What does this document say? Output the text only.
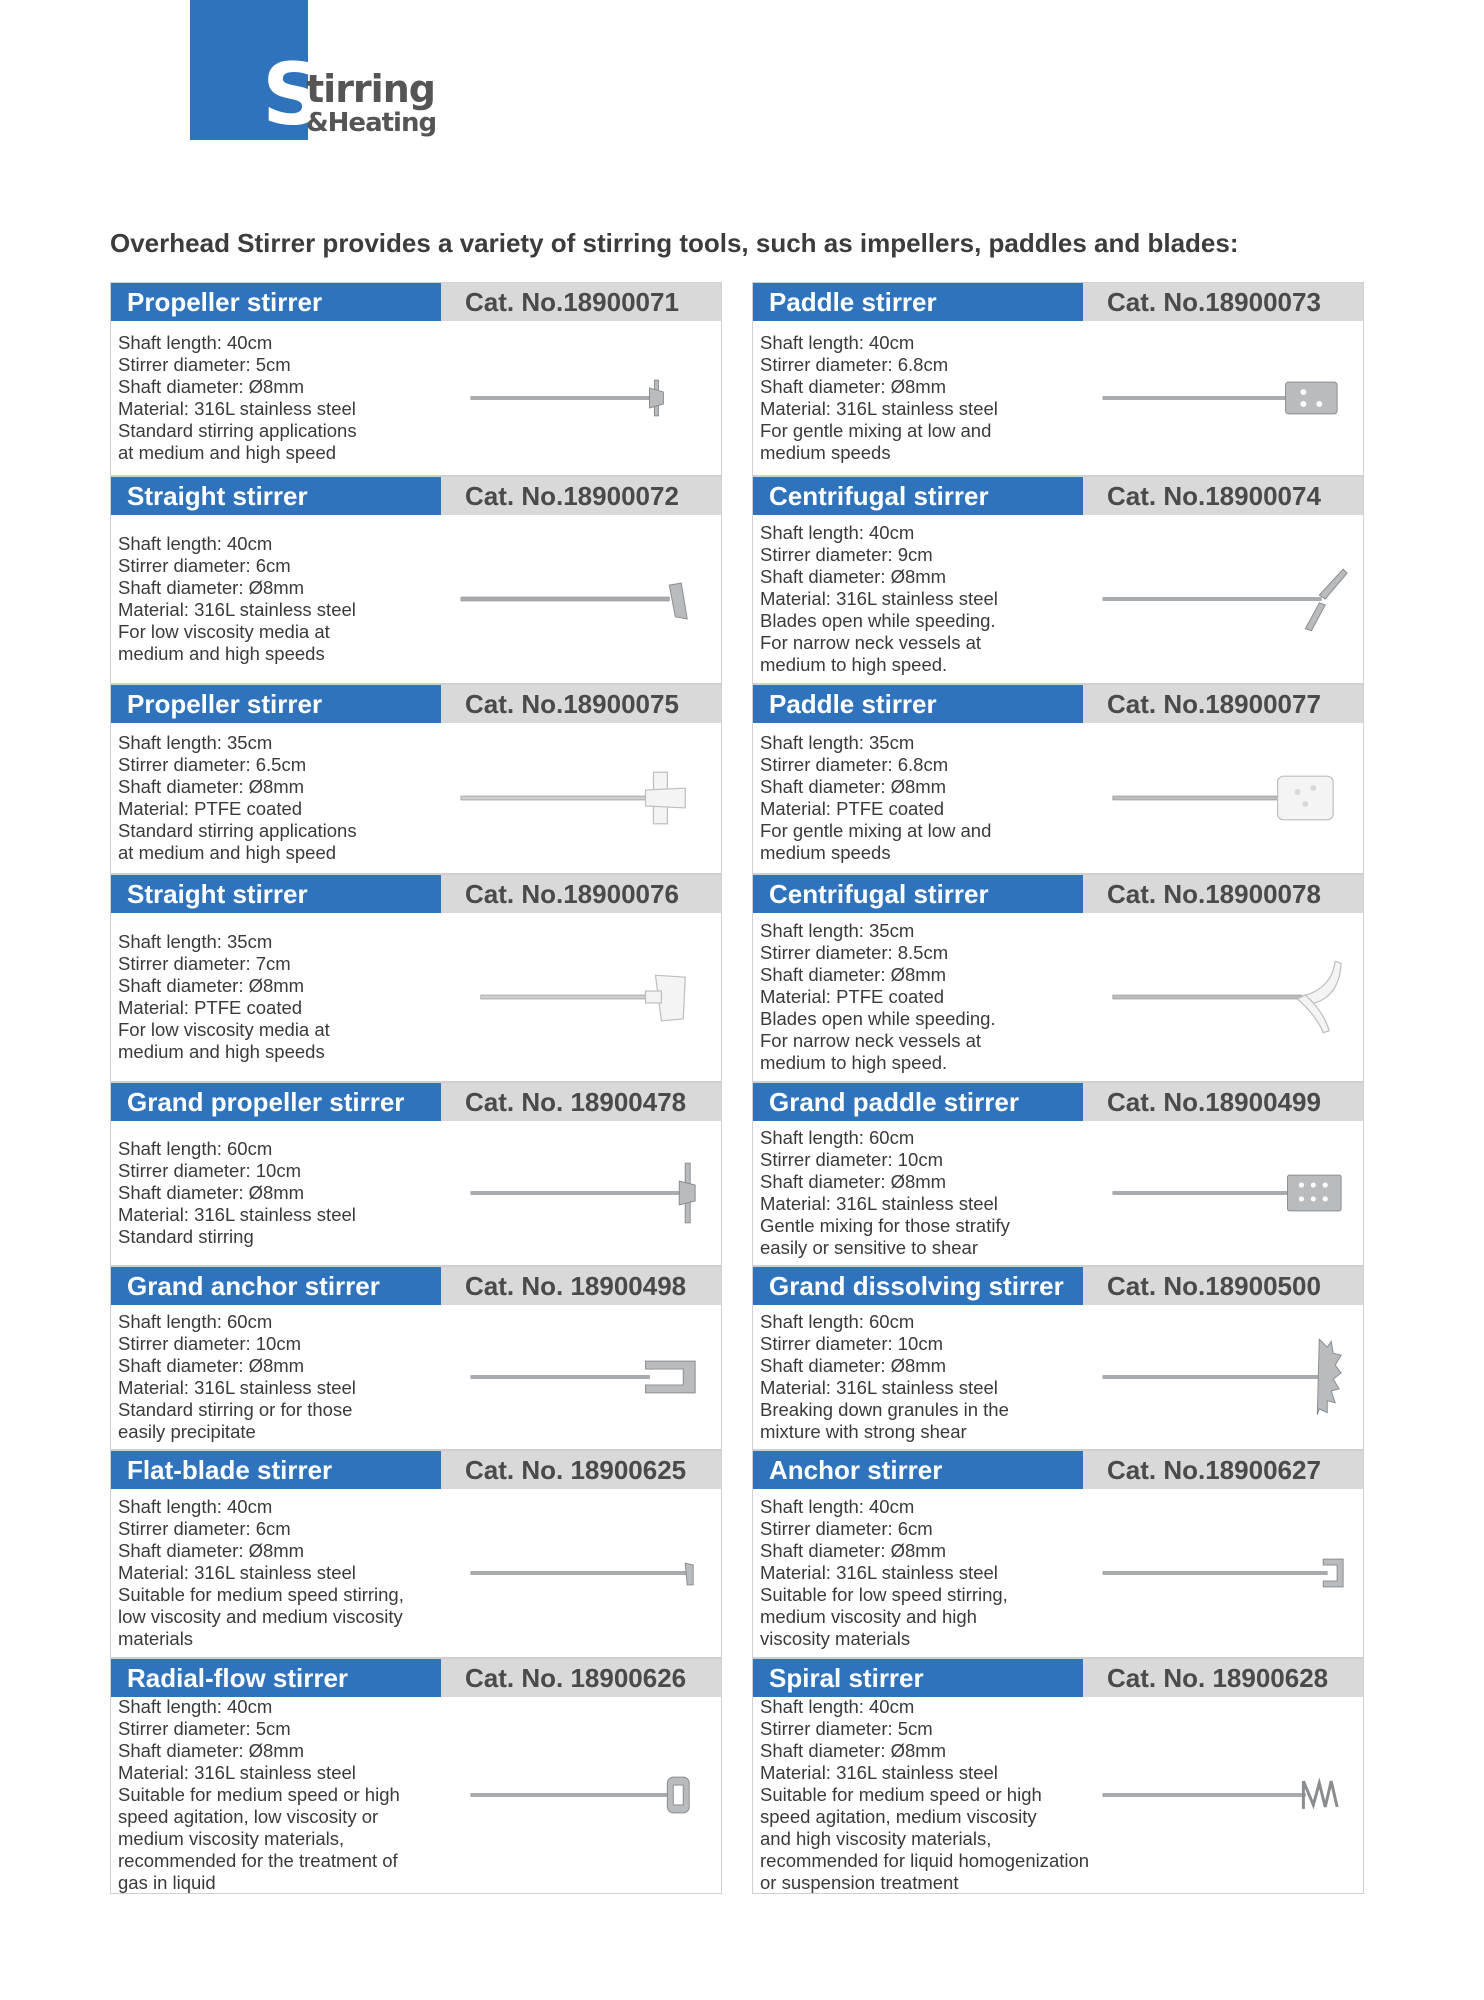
S
tirring
&Heating
Overhead Stirrer provides a variety of stirring tools, such as impellers, paddles and blades:
Propeller stirrer	Cat. No.18900071
Shaft length: 40cm
Stirrer diameter: 5cm
Shaft diameter: Ø8mm
Material: 316L stainless steel
Standard stirring applications
at medium and high speed
Straight stirrer	Cat. No.18900072
Shaft length: 40cm
Stirrer diameter: 6cm
Shaft diameter: Ø8mm
Material: 316L stainless steel
For low viscosity media at
medium and high speeds
Propeller stirrer	Cat. No.18900075
Shaft length: 35cm
Stirrer diameter: 6.5cm
Shaft diameter: Ø8mm
Material: PTFE coated
Standard stirring applications
at medium and high speed
Straight stirrer	Cat. No.18900076
Shaft length: 35cm
Stirrer diameter: 7cm
Shaft diameter: Ø8mm
Material: PTFE coated
For low viscosity media at
medium and high speeds
Grand propeller stirrer	Cat. No. 18900478
Shaft length: 60cm
Stirrer diameter: 10cm
Shaft diameter: Ø8mm
Material: 316L stainless steel
Standard stirring
Grand anchor stirrer	Cat. No. 18900498
Shaft length: 60cm
Stirrer diameter: 10cm
Shaft diameter: Ø8mm
Material: 316L stainless steel
Standard stirring or for those
easily precipitate
Flat-blade stirrer	Cat. No. 18900625
Shaft length: 40cm
Stirrer diameter: 6cm
Shaft diameter: Ø8mm
Material: 316L stainless steel
Suitable for medium speed stirring,
low viscosity and medium viscosity
materials
Radial-flow stirrer	Cat. No. 18900626
Shaft length: 40cm
Stirrer diameter: 5cm
Shaft diameter: Ø8mm
Material: 316L stainless steel
Suitable for medium speed or high
speed agitation, low viscosity or
medium viscosity materials,
recommended for the treatment of
gas in liquid
Paddle stirrer	Cat. No.18900073
Shaft length: 40cm
Stirrer diameter: 6.8cm
Shaft diameter: Ø8mm
Material: 316L stainless steel
For gentle mixing at low and
medium speeds
Centrifugal stirrer	Cat. No.18900074
Shaft length: 40cm
Stirrer diameter: 9cm
Shaft diameter: Ø8mm
Material: 316L stainless steel
Blades open while speeding.
For narrow neck vessels at
medium to high speed.
Paddle stirrer	Cat. No.18900077
Shaft length: 35cm
Stirrer diameter: 6.8cm
Shaft diameter: Ø8mm
Material: PTFE coated
For gentle mixing at low and
medium speeds
Centrifugal stirrer	Cat. No.18900078
Shaft length: 35cm
Stirrer diameter: 8.5cm
Shaft diameter: Ø8mm
Material: PTFE coated
Blades open while speeding.
For narrow neck vessels at
medium to high speed.
Grand paddle stirrer	Cat. No.18900499
Shaft length: 60cm
Stirrer diameter: 10cm
Shaft diameter: Ø8mm
Material: 316L stainless steel
Gentle mixing for those stratify
easily or sensitive to shear
Grand dissolving stirrer	Cat. No.18900500
Shaft length: 60cm
Stirrer diameter: 10cm
Shaft diameter: Ø8mm
Material: 316L stainless steel
Breaking down granules in the
mixture with strong shear
Anchor stirrer	Cat. No.18900627
Shaft length: 40cm
Stirrer diameter: 6cm
Shaft diameter: Ø8mm
Material: 316L stainless steel
Suitable for low speed stirring,
medium viscosity and high
viscosity materials
Spiral stirrer	Cat. No. 18900628
Shaft length: 40cm
Stirrer diameter: 5cm
Shaft diameter: Ø8mm
Material: 316L stainless steel
Suitable for medium speed or high
speed agitation, medium viscosity
and high viscosity materials,
recommended for liquid homogenization
or suspension treatment
